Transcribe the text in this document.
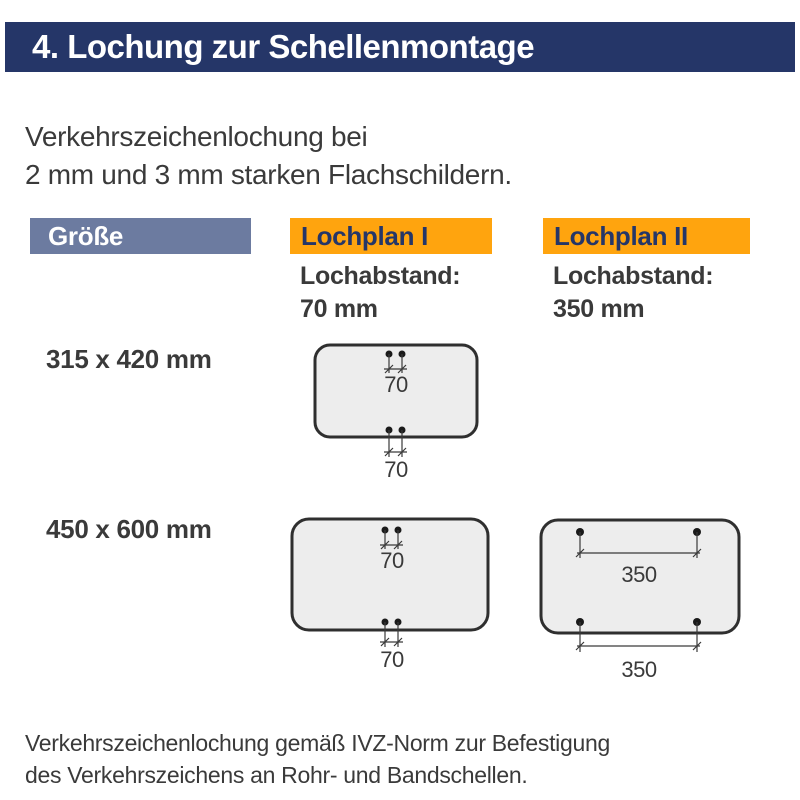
4. Lochung zur Schellenmontage

Verkehrszeichenlochung bei
2 mm und 3 mm starken Flachschildern.

Größe	Lochplan I	Lochplan II

Lochabstand:
70 mm

Lochabstand:
350 mm

315 x 420 mm

450 x 600 mm

70
70
70
70
350
350

Verkehrszeichenlochung gemäß IVZ-Norm zur Befestigung
des Verkehrszeichens an Rohr- und Bandschellen.
